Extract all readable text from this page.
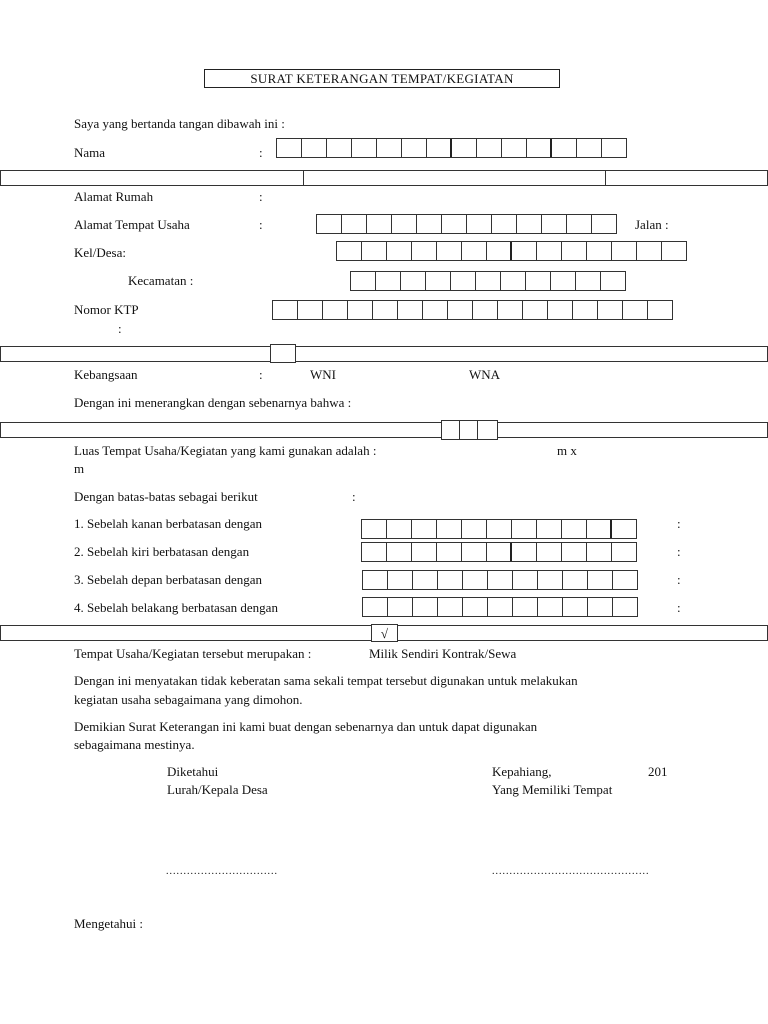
SURAT KETERANGAN TEMPAT/KEGIATAN
Saya yang bertanda tangan dibawah ini :
Nama	:
Alamat Rumah	:
Alamat Tempat Usaha	:	Jalan :
Kel/Desa:
Kecamatan :
Nomor KTP
:
Kebangsaan	:	WNI	WNA
Dengan ini menerangkan dengan sebenarnya bahwa :
Luas Tempat Usaha/Kegiatan yang kami gunakan adalah :	m x
m
Dengan batas-batas sebagai berikut	:
1. Sebelah kanan berbatasan dengan	:
2. Sebelah kiri berbatasan dengan	:
3. Sebelah depan berbatasan dengan	:
4. Sebelah belakang berbatasan dengan	:
√
Tempat Usaha/Kegiatan tersebut merupakan :	Milik Sendiri Kontrak/Sewa
Dengan ini menyatakan tidak keberatan sama sekali tempat tersebut digunakan untuk melakukan
kegiatan usaha sebagaimana yang dimohon.
Demikian Surat Keterangan ini kami buat dengan sebenarnya dan untuk dapat digunakan
sebagaimana mestinya.
Diketahui
Lurah/Kepala Desa
Kepahiang,	201
Yang Memiliki Tempat
................................	.............................................
Mengetahui :
